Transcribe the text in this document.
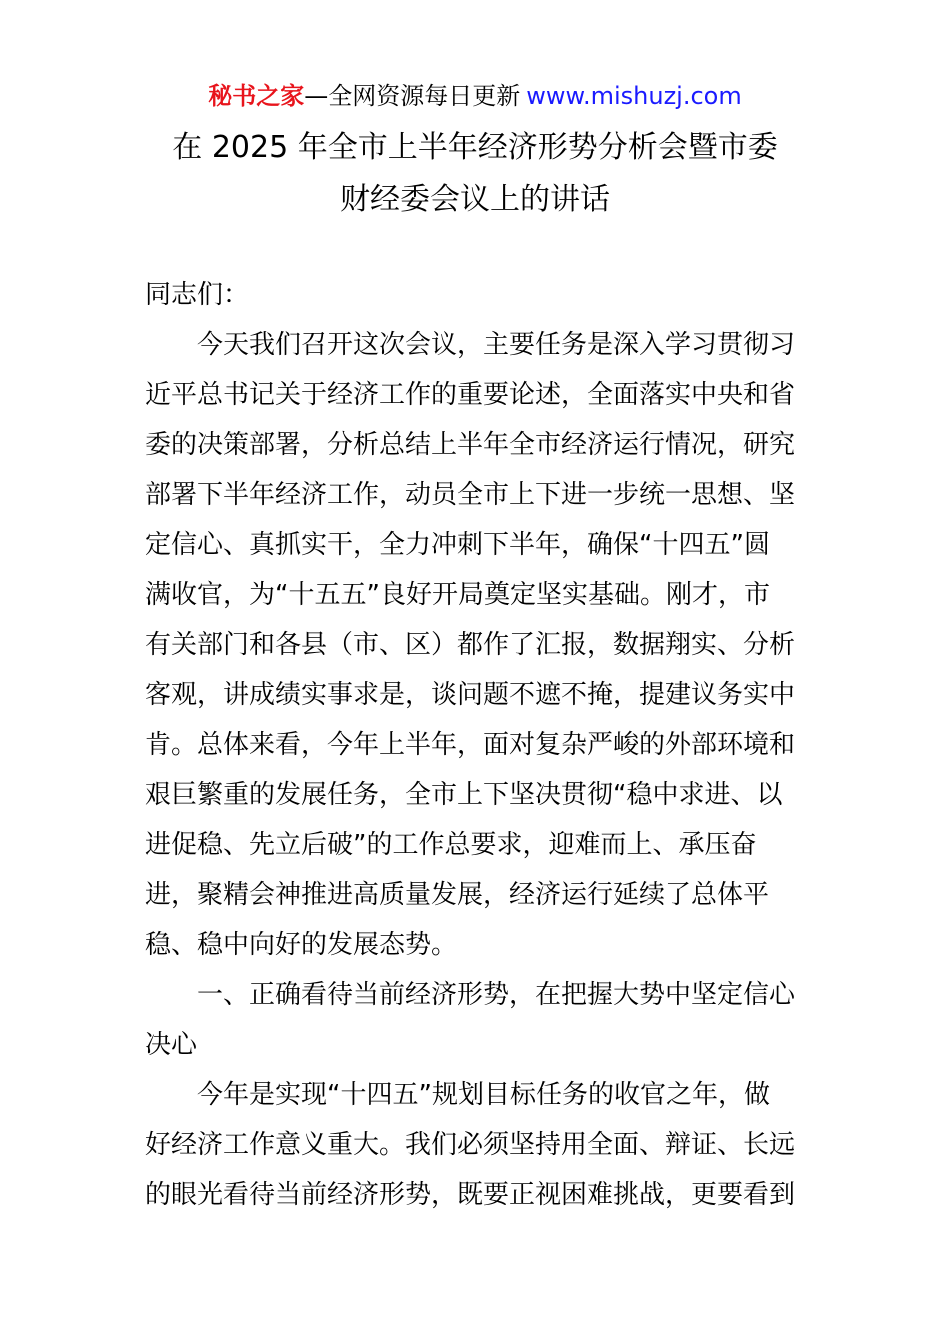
秘书之家—全网资源每日更新 www.mishuzj.com
在 2025 年全市上半年经济形势分析会暨市委
财经委会议上的讲话
同志们：
今天我们召开这次会议，主要任务是深入学习贯彻习
近平总书记关于经济工作的重要论述，全面落实中央和省
委的决策部署，分析总结上半年全市经济运行情况，研究
部署下半年经济工作，动员全市上下进一步统一思想、坚
定信心、真抓实干，全力冲刺下半年，确保“十四五”圆
满收官，为“十五五”良好开局奠定坚实基础。刚才，市
有关部门和各县（市、区）都作了汇报，数据翔实、分析
客观，讲成绩实事求是，谈问题不遮不掩，提建议务实中
肯。总体来看，今年上半年，面对复杂严峻的外部环境和
艰巨繁重的发展任务，全市上下坚决贯彻“稳中求进、以
进促稳、先立后破”的工作总要求，迎难而上、承压奋
进，聚精会神推进高质量发展，经济运行延续了总体平
稳、稳中向好的发展态势。
一、正确看待当前经济形势，在把握大势中坚定信心
决心
今年是实现“十四五”规划目标任务的收官之年，做
好经济工作意义重大。我们必须坚持用全面、辩证、长远
的眼光看待当前经济形势，既要正视困难挑战，更要看到
